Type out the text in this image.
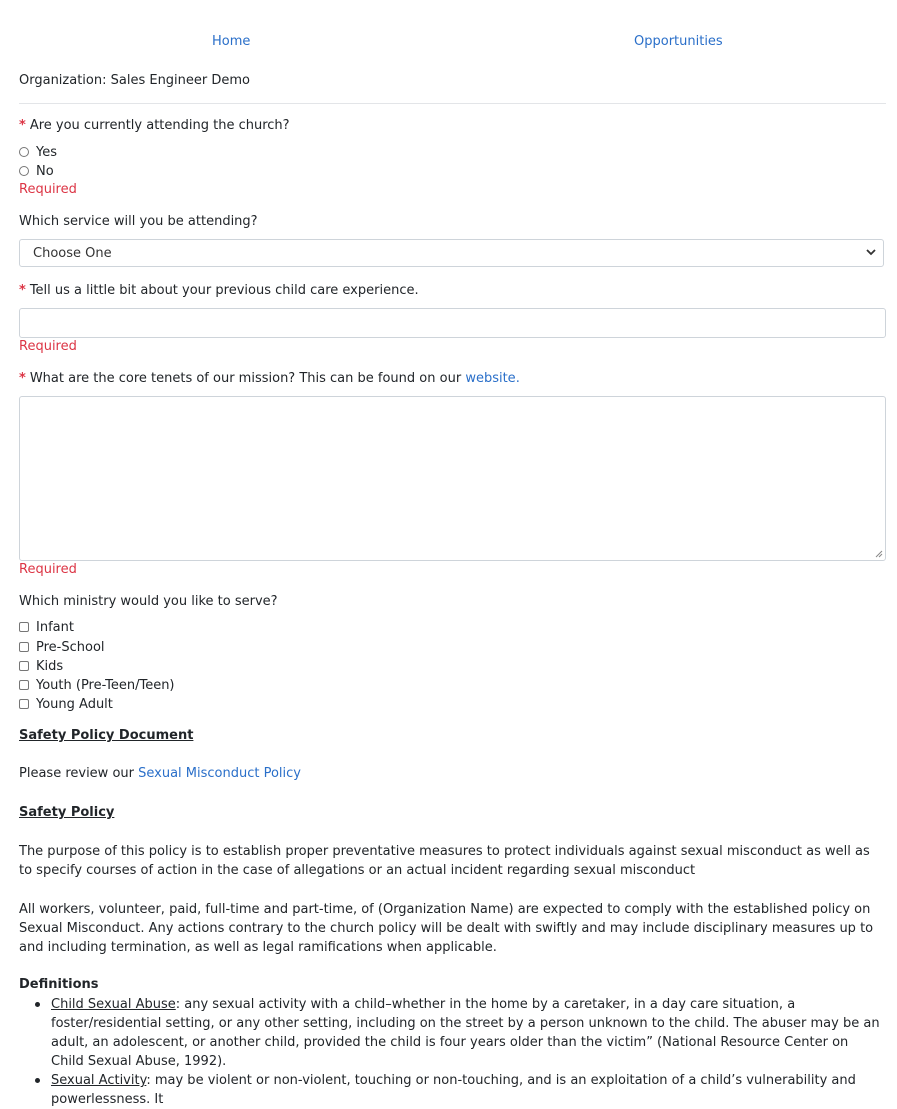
Home	Opportunities
Organization: Sales Engineer Demo
* Are you currently attending the church?
Yes
No
Required
Which service will you be attending?
Choose One
* Tell us a little bit about your previous child care experience.
Required
* What are the core tenets of our mission? This can be found on our website.
Required
Which ministry would you like to serve?
Infant
Pre-School
Kids
Youth (Pre-Teen/Teen)
Young Adult
Safety Policy Document
Please review our Sexual Misconduct Policy
Safety Policy
The purpose of this policy is to establish proper preventative measures to protect individuals against sexual misconduct as well as to specify courses of action in the case of allegations or an actual incident regarding sexual misconduct
All workers, volunteer, paid, full-time and part-time, of (Organization Name) are expected to comply with the established policy on Sexual Misconduct. Any actions contrary to the church policy will be dealt with swiftly and may include disciplinary measures up to and including termination, as well as legal ramifications when applicable.
Definitions
Child Sexual Abuse: any sexual activity with a child–whether in the home by a caretaker, in a day care situation, a foster/residential setting, or any other setting, including on the street by a person unknown to the child. The abuser may be an adult, an adolescent, or another child, provided the child is four years older than the victim” (National Resource Center on Child Sexual Abuse, 1992).
Sexual Activity: may be violent or non-violent, touching or non-touching, and is an exploitation of a child’s vulnerability and powerlessness. It
